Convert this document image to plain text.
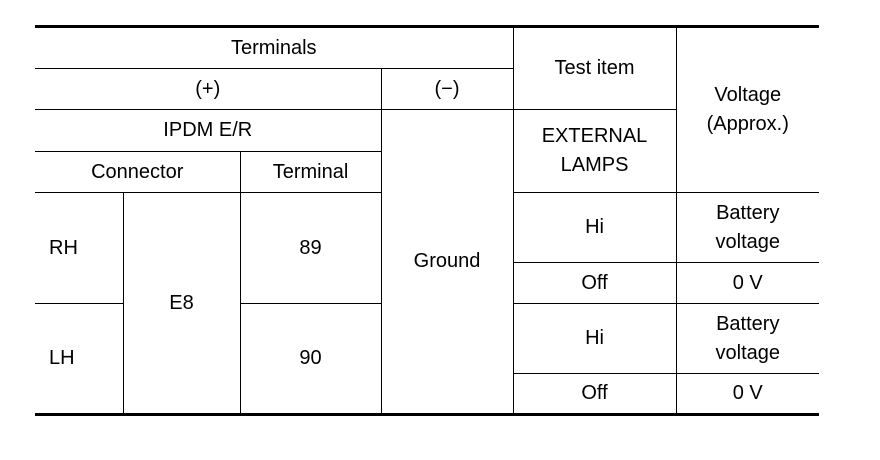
Terminals				Test item	Voltage
(Approx.)
(+)			(−)		
IPDM E/R			Ground	EXTERNAL
LAMPS	
Connector		Terminal			
RH	E8	89		Hi	Battery
voltage
				Off	0 V
LH		90		Hi	Battery
voltage
				Off	0 V
